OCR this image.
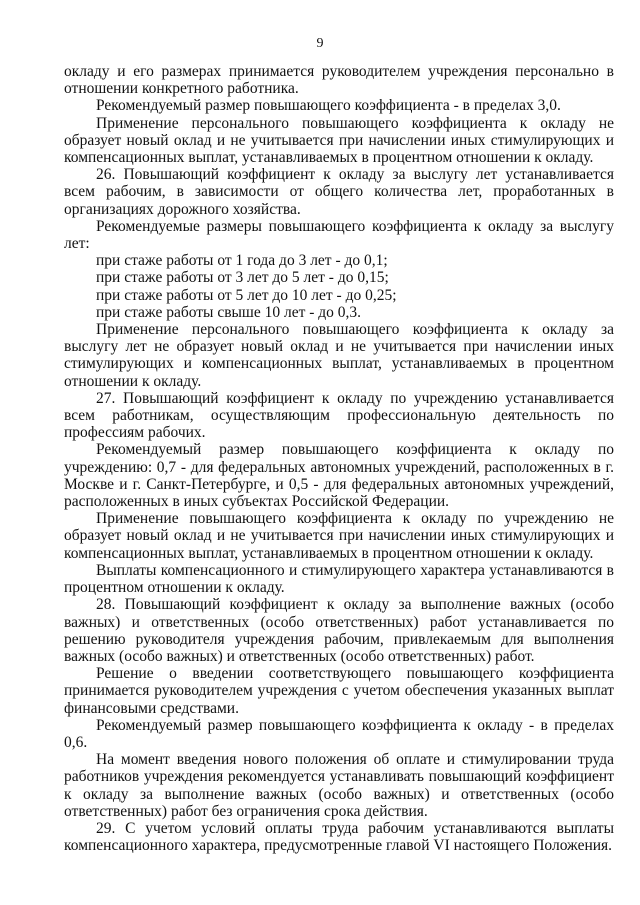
9

окладу и его размерах принимается руководителем учреждения персонально в отношении конкретного работника.

Рекомендуемый размер повышающего коэффициента - в пределах 3,0.

Применение персонального повышающего коэффициента к окладу не образует новый оклад и не учитывается при начислении иных стимулирующих и компенсационных выплат, устанавливаемых в процентном отношении к окладу.

26. Повышающий коэффициент к окладу за выслугу лет устанавливается всем рабочим, в зависимости от общего количества лет, проработанных в организациях дорожного хозяйства.

Рекомендуемые размеры повышающего коэффициента к окладу за выслугу лет:

при стаже работы от 1 года до 3 лет - до 0,1;
при стаже работы от 3 лет до 5 лет - до 0,15;
при стаже работы от 5 лет до 10 лет - до 0,25;
при стаже работы свыше 10 лет - до 0,3.

Применение персонального повышающего коэффициента к окладу за выслугу лет не образует новый оклад и не учитывается при начислении иных стимулирующих и компенсационных выплат, устанавливаемых в процентном отношении к окладу.

27. Повышающий коэффициент к окладу по учреждению устанавливается всем работникам, осуществляющим профессиональную деятельность по профессиям рабочих.

Рекомендуемый размер повышающего коэффициента к окладу по учреждению: 0,7 - для федеральных автономных учреждений, расположенных в г. Москве и г. Санкт-Петербурге, и 0,5 - для федеральных автономных учреждений, расположенных в иных субъектах Российской Федерации.

Применение повышающего коэффициента к окладу по учреждению не образует новый оклад и не учитывается при начислении иных стимулирующих и компенсационных выплат, устанавливаемых в процентном отношении к окладу.

Выплаты компенсационного и стимулирующего характера устанавливаются в процентном отношении к окладу.

28. Повышающий коэффициент к окладу за выполнение важных (особо важных) и ответственных (особо ответственных) работ устанавливается по решению руководителя учреждения рабочим, привлекаемым для выполнения важных (особо важных) и ответственных (особо ответственных) работ.

Решение о введении соответствующего повышающего коэффициента принимается руководителем учреждения с учетом обеспечения указанных выплат финансовыми средствами.

Рекомендуемый размер повышающего коэффициента к окладу - в пределах 0,6.

На момент введения нового положения об оплате и стимулировании труда работников учреждения рекомендуется устанавливать повышающий коэффициент к окладу за выполнение важных (особо важных) и ответственных (особо ответственных) работ без ограничения срока действия.

29. С учетом условий оплаты труда рабочим устанавливаются выплаты компенсационного характера, предусмотренные главой VI настоящего Положения.
